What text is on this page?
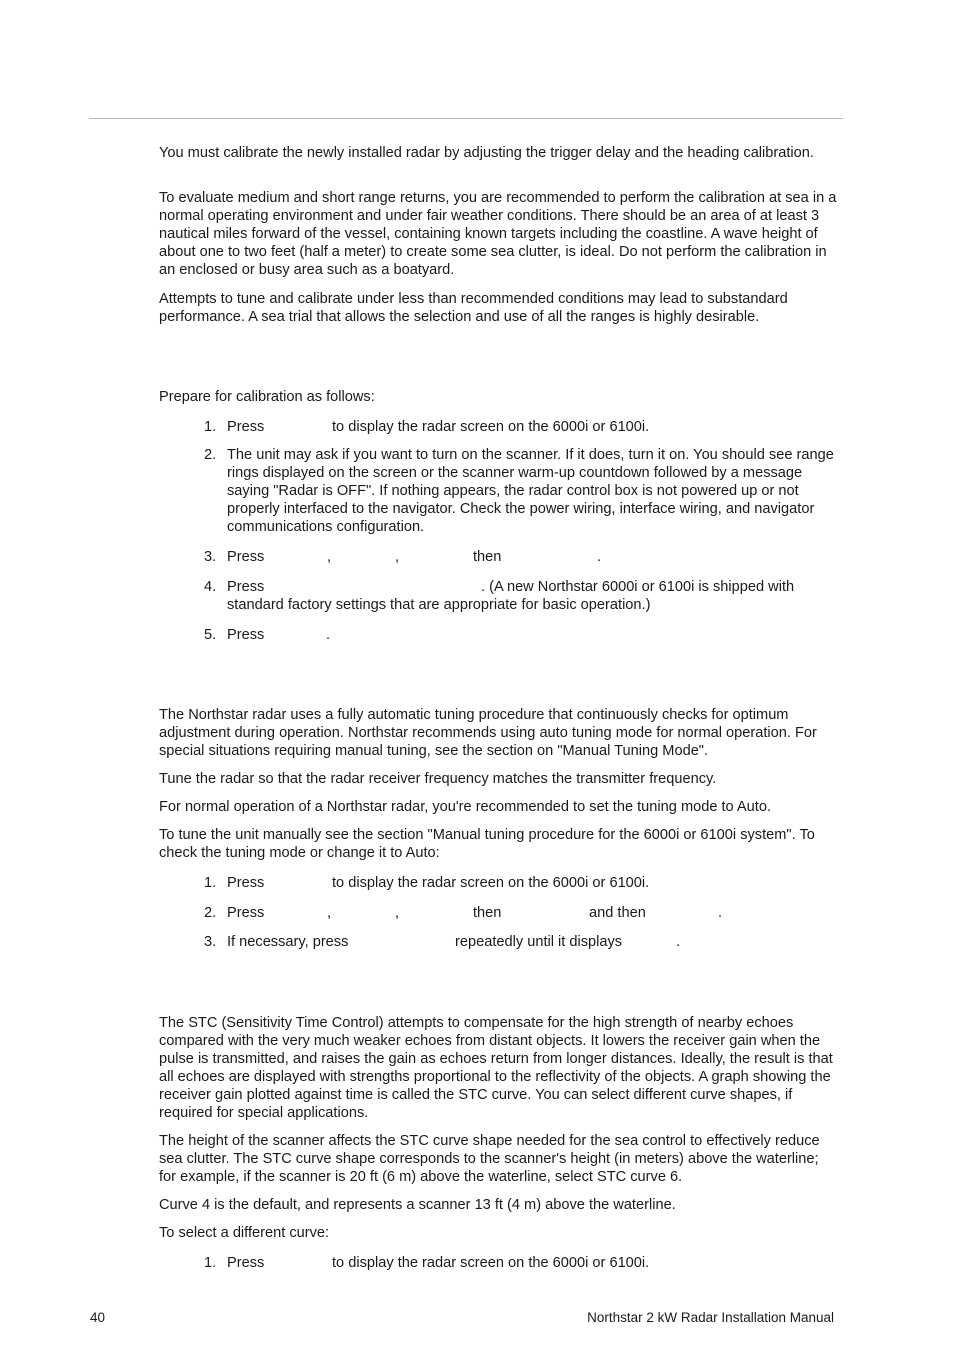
You must calibrate the newly installed radar by adjusting the trigger delay and the heading calibration.

To evaluate medium and short range returns, you are recommended to perform the calibration at sea in a normal operating environment and under fair weather conditions. There should be an area of at least 3 nautical miles forward of the vessel, containing known targets including the coastline. A wave height of about one to two feet (half a meter) to create some sea clutter, is ideal. Do not perform the calibration in an enclosed or busy area such as a boatyard.

Attempts to tune and calibrate under less than recommended conditions may lead to substandard performance. A sea trial that allows the selection and use of all the ranges is highly desirable.

Prepare for calibration as follows:

1. Press	to display the radar screen on the 6000i or 6100i.
2. The unit may ask if you want to turn on the scanner. If it does, turn it on. You should see range rings displayed on the screen or the scanner warm-up countdown followed by a message saying "Radar is OFF". If nothing appears, the radar control box is not powered up or not properly interfaced to the navigator. Check the power wiring, interface wiring, and navigator communications configuration.
3. Press	,	,	then	.
4. Press	. (A new Northstar 6000i or 6100i is shipped with
standard factory settings that are appropriate for basic operation.)
5. Press	.

The Northstar radar uses a fully automatic tuning procedure that continuously checks for optimum adjustment during operation. Northstar recommends using auto tuning mode for normal operation. For special situations requiring manual tuning, see the section on "Manual Tuning Mode".

Tune the radar so that the radar receiver frequency matches the transmitter frequency.

For normal operation of a Northstar radar, you're recommended to set the tuning mode to Auto.

To tune the unit manually see the section "Manual tuning procedure for the 6000i or 6100i system". To check the tuning mode or change it to Auto:

1. Press	to display the radar screen on the 6000i or 6100i.
2. Press	,	,	then	and then	.
3. If necessary, press	repeatedly until it displays	.

The STC (Sensitivity Time Control) attempts to compensate for the high strength of nearby echoes compared with the very much weaker echoes from distant objects. It lowers the receiver gain when the pulse is transmitted, and raises the gain as echoes return from longer distances. Ideally, the result is that all echoes are displayed with strengths proportional to the reflectivity of the objects. A graph showing the receiver gain plotted against time is called the STC curve. You can select different curve shapes, if required for special applications.

The height of the scanner affects the STC curve shape needed for the sea control to effectively reduce sea clutter. The STC curve shape corresponds to the scanner's height (in meters) above the waterline; for example, if the scanner is 20 ft (6 m) above the waterline, select STC curve 6.

Curve 4 is the default, and represents a scanner 13 ft (4 m) above the waterline.

To select a different curve:

1. Press	to display the radar screen on the 6000i or 6100i.
40	Northstar 2 kW Radar Installation Manual
